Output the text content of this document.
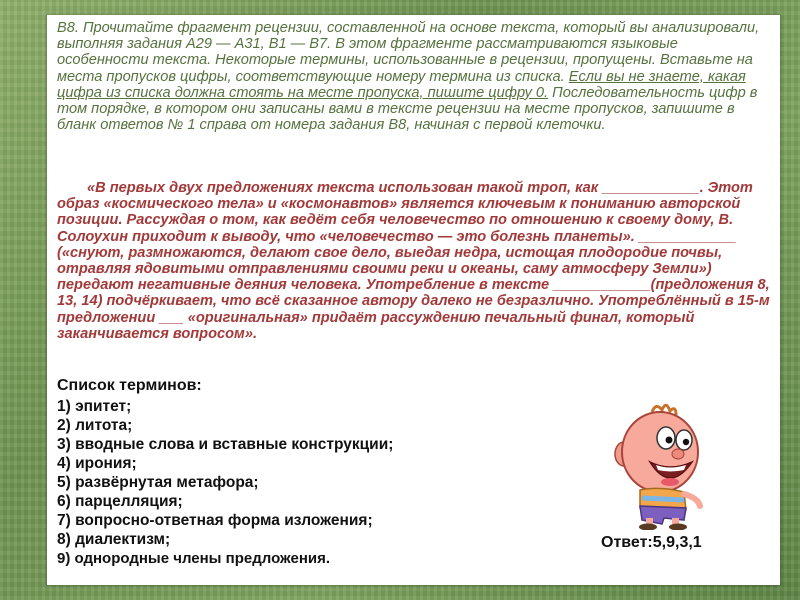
В8. Прочитайте фрагмент рецензии, составленной на основе текста, который вы анализировали, выполняя задания А29 — А31, В1 — В7. В этом фрагменте рассматриваются языковые особенности текста. Некоторые термины, использованные в рецензии, пропущены. Вставьте на места пропусков цифры, соответствующие номеру термина из списка. Если вы не знаете, какая цифра из списка должна стоять на месте пропуска, пишите цифру 0. Последовательность цифр в том порядке, в котором они записаны вами в тексте рецензии на месте пропусков, запишите в бланк ответов № 1 справа от номера задания В8, начиная с первой клеточки.

«В первых двух предложениях текста использован такой троп, как ____________. Этот образ «космического тела» и «космонавтов» является ключевым к пониманию авторской позиции. Рассуждая о том, как ведёт себя человечество по отношению к своему дому, В. Солоухин приходит к выводу, что «человечество — это болезнь планеты». ____________ («снуют, размножаются, делают свое дело, выедая недра, истощая плодородие почвы, отравляя ядовитыми отправлениями своими реки и океаны, саму атмосферу Земли») передают негативные деяния человека. Употребление в тексте ____________(предложения 8, 13, 14) подчёркивает, что всё сказанное автору далеко не безразлично. Употреблённый в 15-м предложении ___ «оригинальная» придаёт рассуждению печальный финал, который заканчивается вопросом».

Список терминов:
1) эпитет;
2) литота;
3) вводные слова и вставные конструкции;
4) ирония;
5) развёрнутая метафора;
6) парцелляция;
7) вопросно-ответная форма изложения;
8) диалектизм;
9) однородные члены предложения.
Ответ:5,9,3,1
